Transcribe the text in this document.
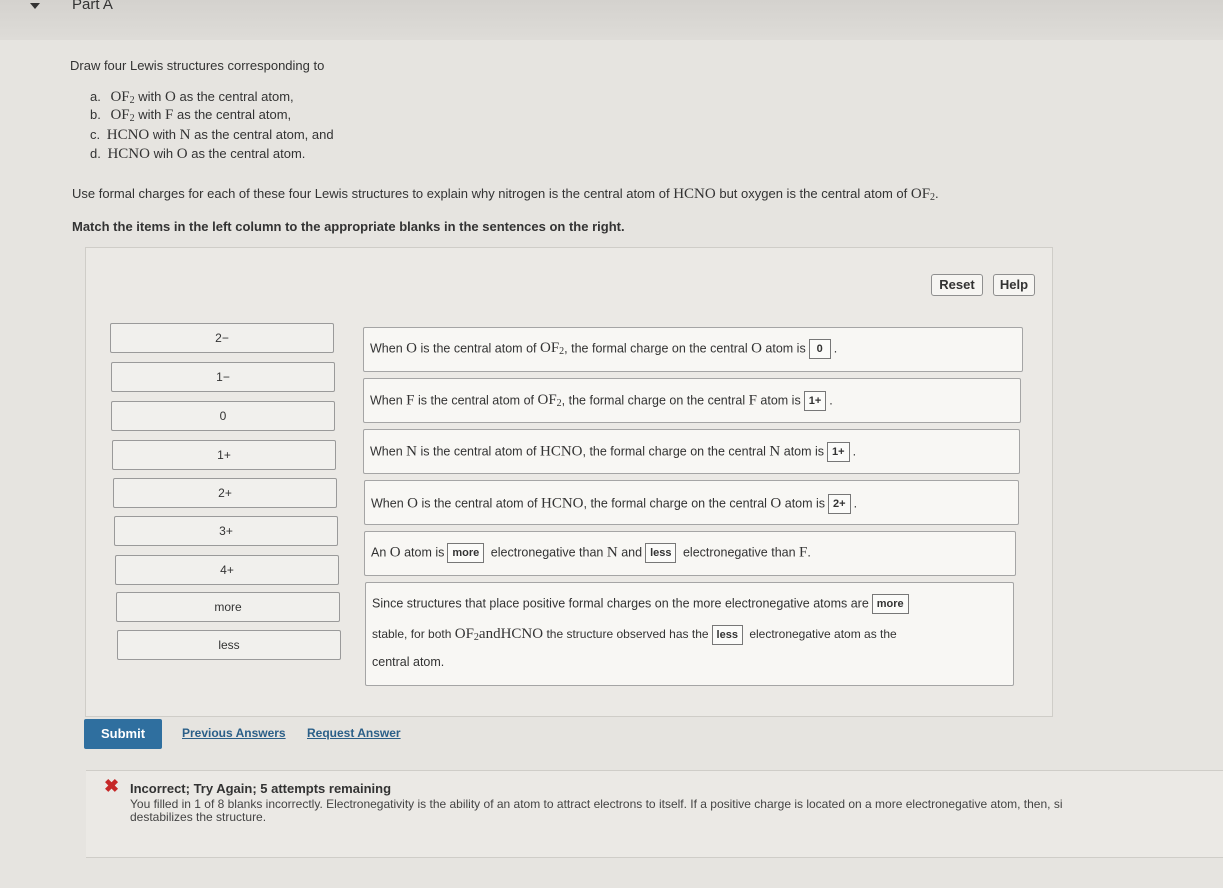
Part A
Draw four Lewis structures corresponding to
a. $OF_2$ with O as the central atom,
b. $OF_2$ with F as the central atom,
c. HCNO with N as the central atom, and
d. HCNO wih O as the central atom.
Use formal charges for each of these four Lewis structures to explain why nitrogen is the central atom of HCNO but oxygen is the central atom of $OF_2$.
Match the items in the left column to the appropriate blanks in the sentences on the right.
Reset	Help
2−
1−
0
1+
2+
3+
4+
more
less
When O is the central atom of $OF_2$, the formal charge on the central O atom is 0 .
When F is the central atom of $OF_2$, the formal charge on the central F atom is 1+ .
When N is the central atom of HCNO, the formal charge on the central N atom is 1+ .
When O is the central atom of HCNO, the formal charge on the central O atom is 2+ .
An O atom is more electronegative than N and less electronegative than F.
Since structures that place positive formal charges on the more electronegative atoms are more
stable, for both $OF_2andHCNO$ the structure observed has the less electronegative atom as the
central atom.
Submit	Previous Answers Request Answer
✖ Incorrect; Try Again; 5 attempts remaining
You filled in 1 of 8 blanks incorrectly. Electronegativity is the ability of an atom to attract electrons to itself. If a positive charge is located on a more electronegative atom, then, si
destabilizes the structure.
